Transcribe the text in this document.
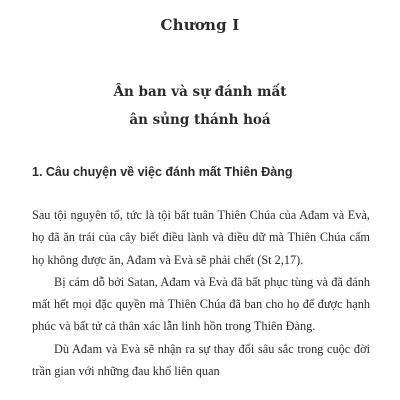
Chương I
Ân ban và sự đánh mất
ân sủng thánh hoá
1. Câu chuyện về việc đánh mất Thiên Đàng

Sau tội nguyên tổ, tức là tội bất tuân Thiên Chúa của Ađam và Evà, họ đã ăn trái của cây biết điều lành và điều dữ mà Thiên Chúa cấm họ không được ăn, Ađam và Evà sẽ phải chết (St 2,17).

Bị cám dỗ bởi Satan, Ađam và Evà đã bất phục tùng và đã đánh mất hết mọi đặc quyền mà Thiên Chúa đã ban cho họ để được hạnh phúc và bất tử cả thân xác lẫn linh hồn trong Thiên Đàng.

Dù Ađam và Evà sẽ nhận ra sự thay đổi sâu sắc trong cuộc đời trần gian với những đau khổ liên quan
